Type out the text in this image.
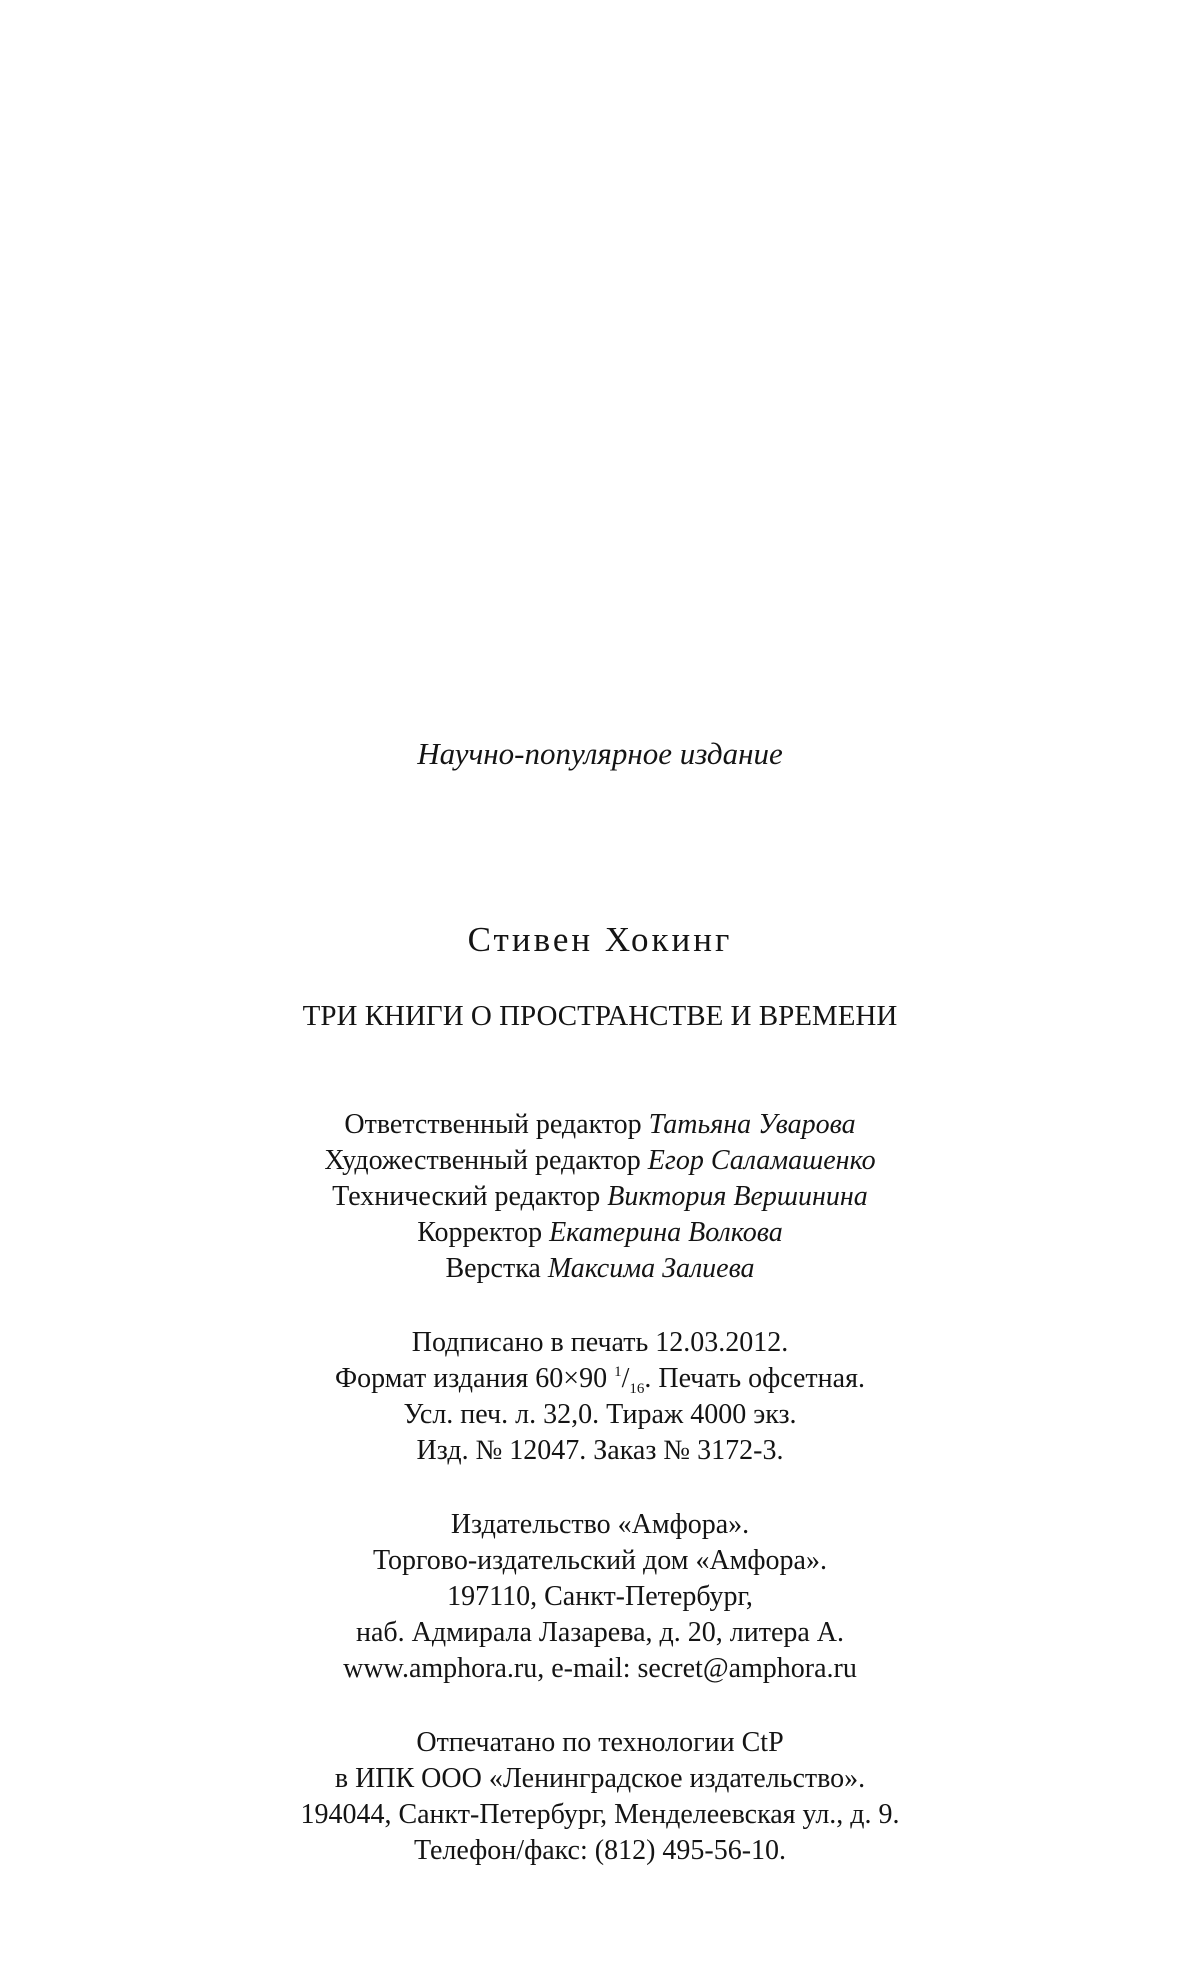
Научно-популярное издание
Стивен Хокинг
ТРИ КНИГИ О ПРОСТРАНСТВЕ И ВРЕМЕНИ
Ответственный редактор Татьяна Уварова
Художественный редактор Егор Саламашенко
Технический редактор Виктория Вершинина
Корректор Екатерина Волкова
Верстка Максима Залиева
Подписано в печать 12.03.2012.
Формат издания 60×90 $^1/_{16}$. Печать офсетная.
Усл. печ. л. 32,0. Тираж 4000 экз.
Изд. № 12047. Заказ № 3172-3.
Издательство «Амфора».
Торгово-издательский дом «Амфора».
197110, Санкт-Петербург,
наб. Адмирала Лазарева, д. 20, литера А.
www.amphora.ru, e-mail: secret@amphora.ru
Отпечатано по технологии CtP
в ИПК ООО «Ленинградское издательство».
194044, Санкт-Петербург, Менделеевская ул., д. 9.
Телефон/факс: (812) 495-56-10.
